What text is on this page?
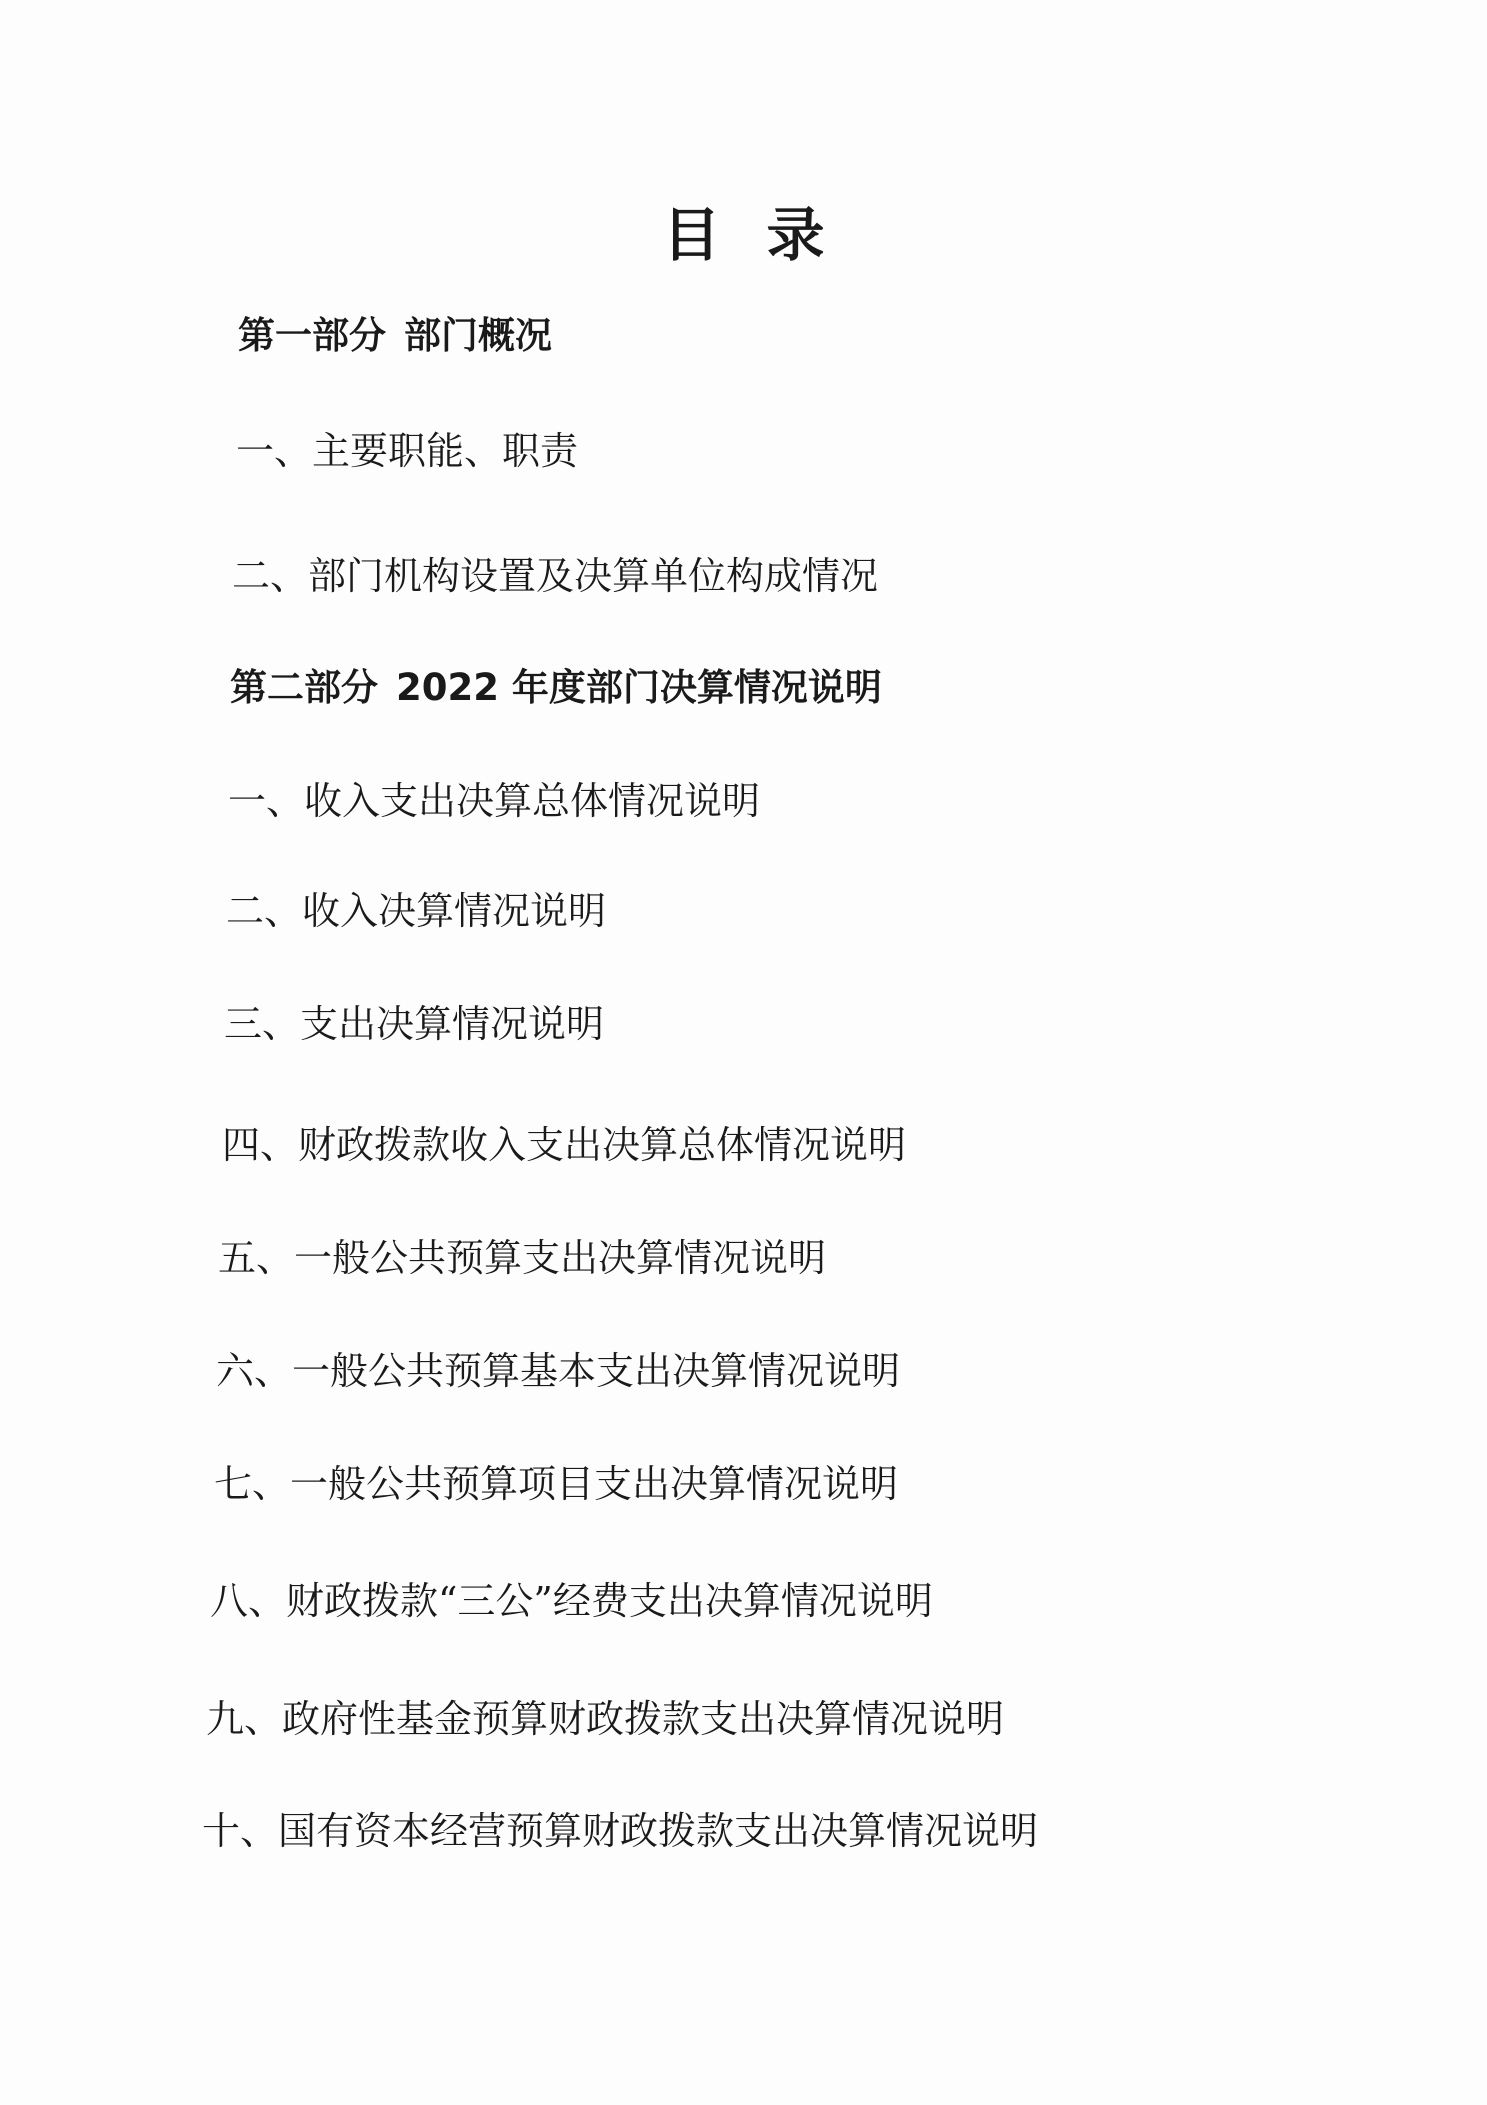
目录
第一部分 部门概况
一、主要职能、职责
二、部门机构设置及决算单位构成情况
第二部分 2022 年度部门决算情况说明
一、收入支出决算总体情况说明
二、收入决算情况说明
三、支出决算情况说明
四、财政拨款收入支出决算总体情况说明
五、一般公共预算支出决算情况说明
六、一般公共预算基本支出决算情况说明
七、一般公共预算项目支出决算情况说明
八、财政拨款“三公”经费支出决算情况说明
九、政府性基金预算财政拨款支出决算情况说明
十、国有资本经营预算财政拨款支出决算情况说明
